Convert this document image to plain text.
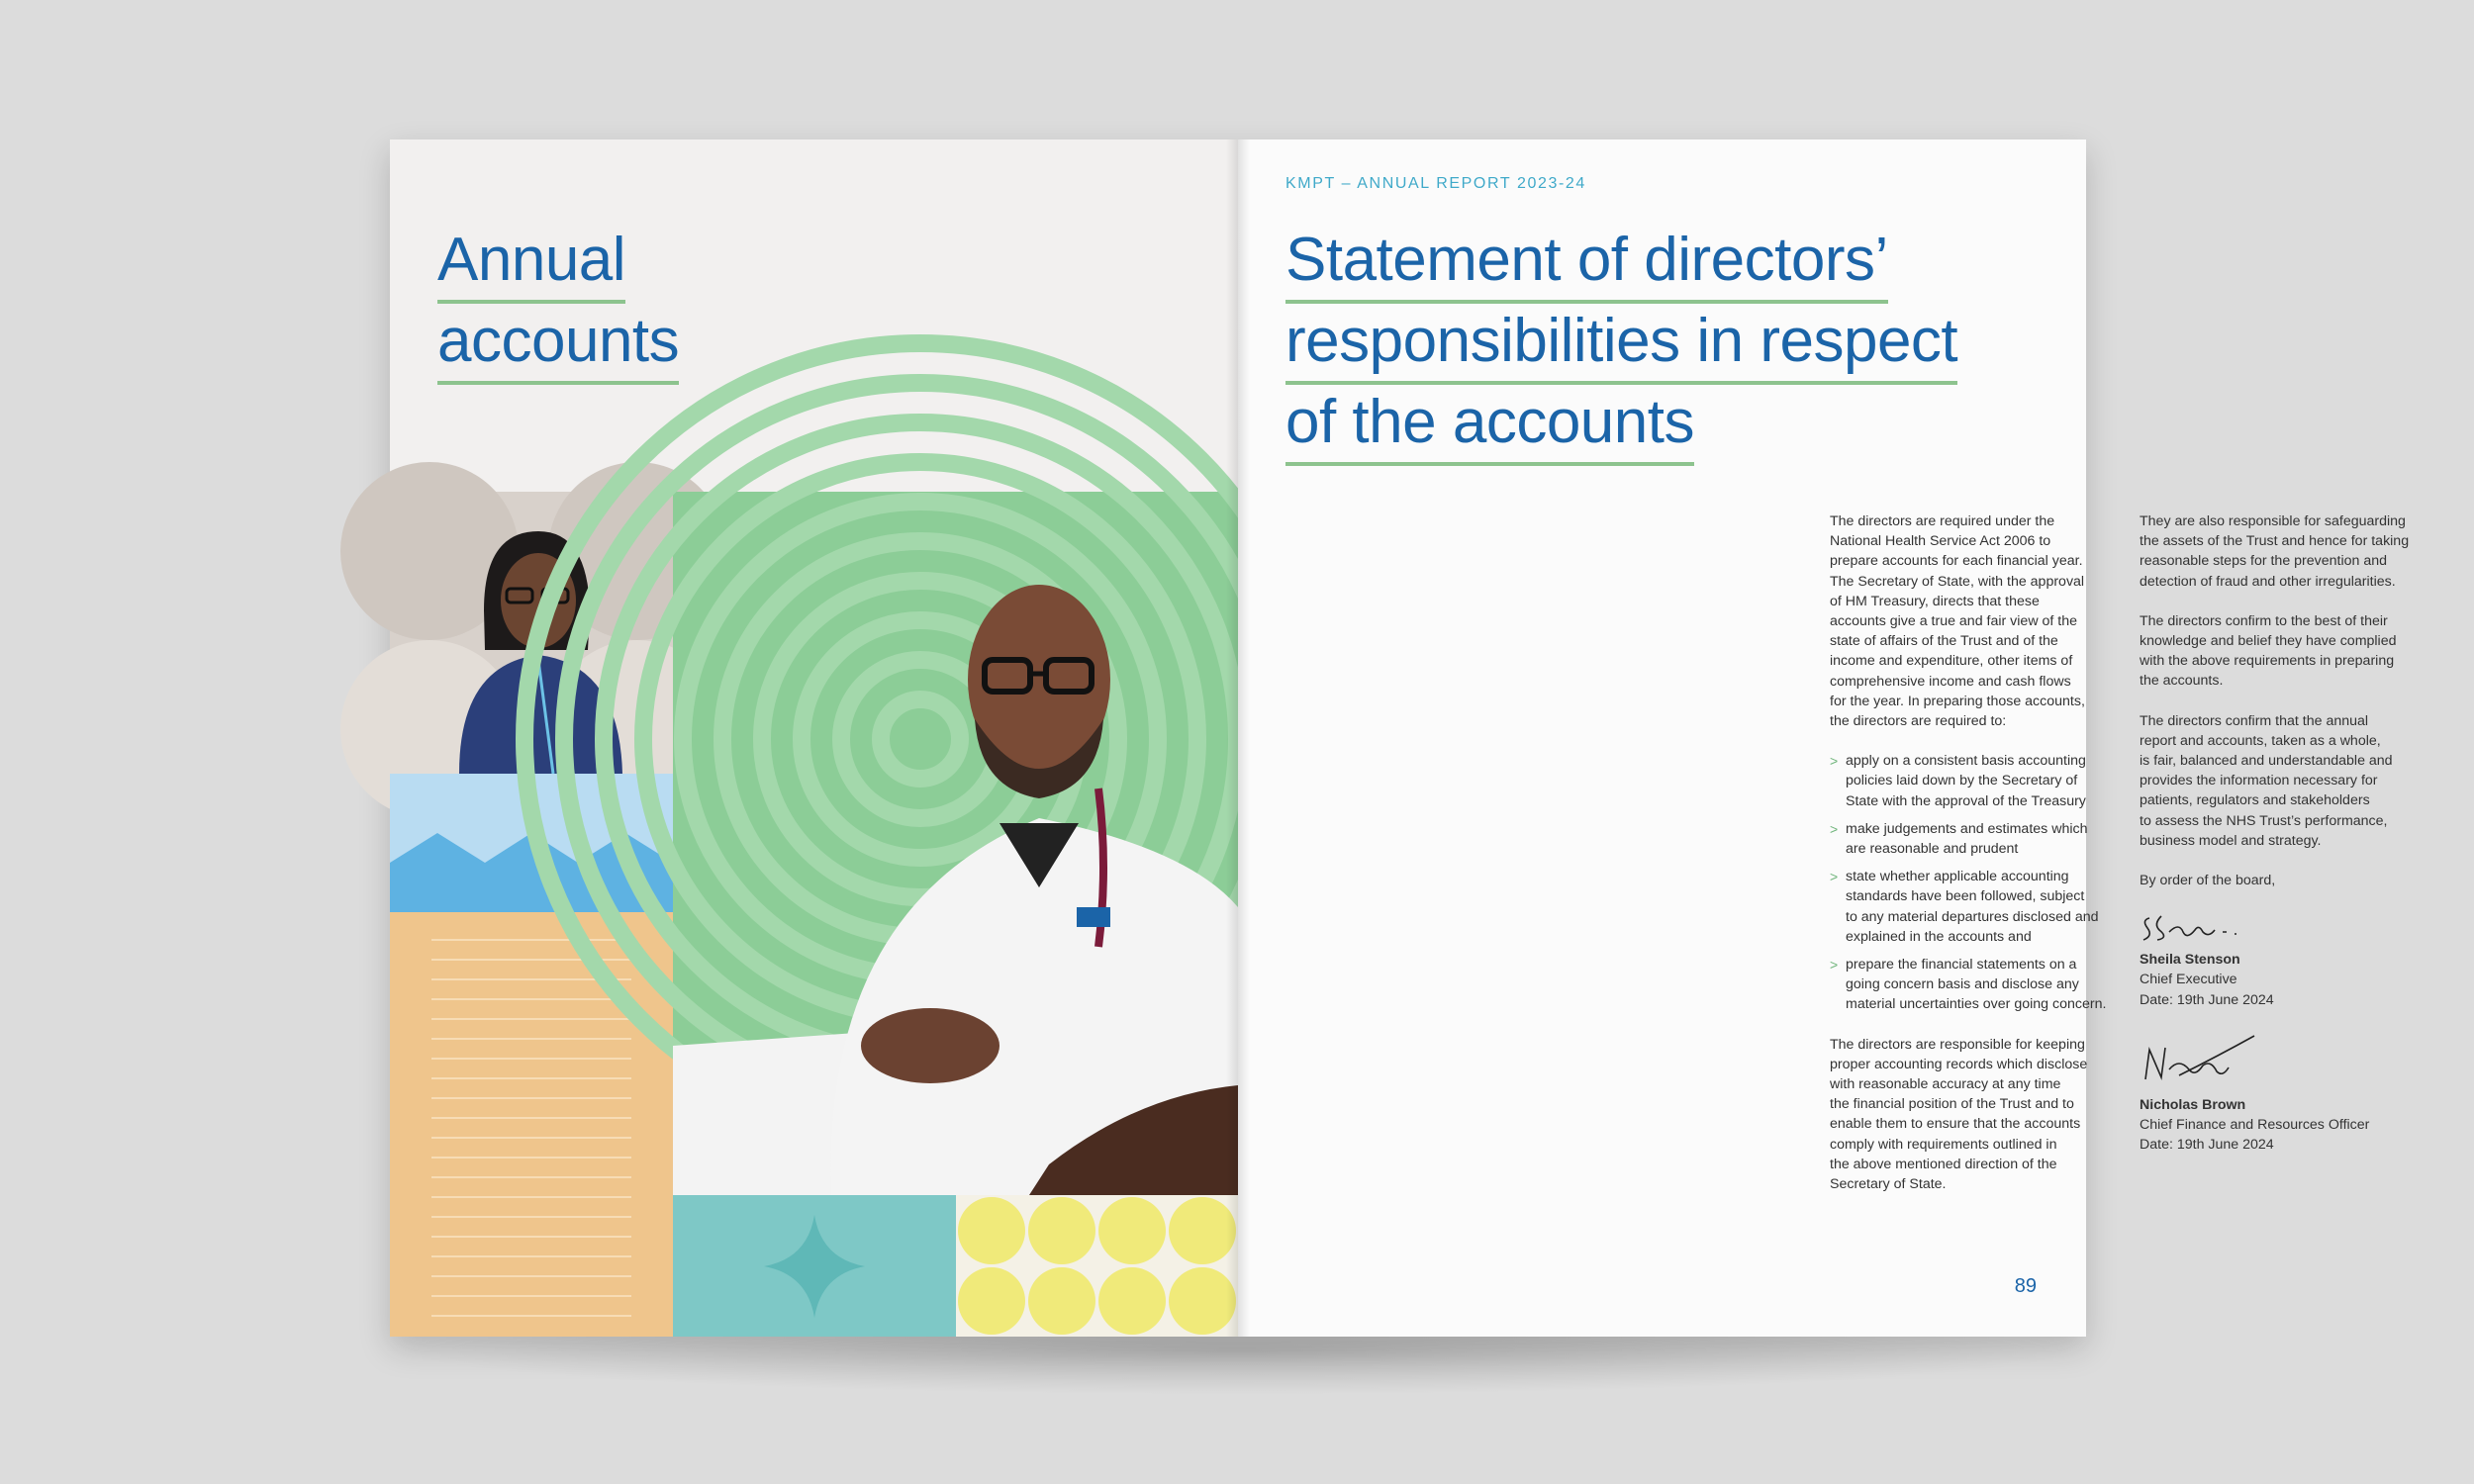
Annual
accounts
KMPT – ANNUAL REPORT 2023-24
Statement of directors’
responsibilities in respect
of the accounts

The directors are required under the
National Health Service Act 2006 to
prepare accounts for each financial year.
The Secretary of State, with the approval
of HM Treasury, directs that these
accounts give a true and fair view of the
state of affairs of the Trust and of the
income and expenditure, other items of
comprehensive income and cash flows
for the year. In preparing those accounts,
the directors are required to:

> apply on a consistent basis accounting
policies laid down by the Secretary of
State with the approval of the Treasury
> make judgements and estimates which
are reasonable and prudent
> state whether applicable accounting
standards have been followed, subject
to any material departures disclosed and
explained in the accounts and
> prepare the financial statements on a
going concern basis and disclose any
material uncertainties over going concern.

The directors are responsible for keeping
proper accounting records which disclose
with reasonable accuracy at any time
the financial position of the Trust and to
enable them to ensure that the accounts
comply with requirements outlined in
the above mentioned direction of the
Secretary of State.

They are also responsible for safeguarding
the assets of the Trust and hence for taking
reasonable steps for the prevention and
detection of fraud and other irregularities.

The directors confirm to the best of their
knowledge and belief they have complied
with the above requirements in preparing
the accounts.

The directors confirm that the annual
report and accounts, taken as a whole,
is fair, balanced and understandable and
provides the information necessary for
patients, regulators and stakeholders
to assess the NHS Trust’s performance,
business model and strategy.

By order of the board,

Sheila Stenson
Chief Executive
Date: 19th June 2024
Nicholas Brown
Chief Finance and Resources Officer
Date: 19th June 2024
89
